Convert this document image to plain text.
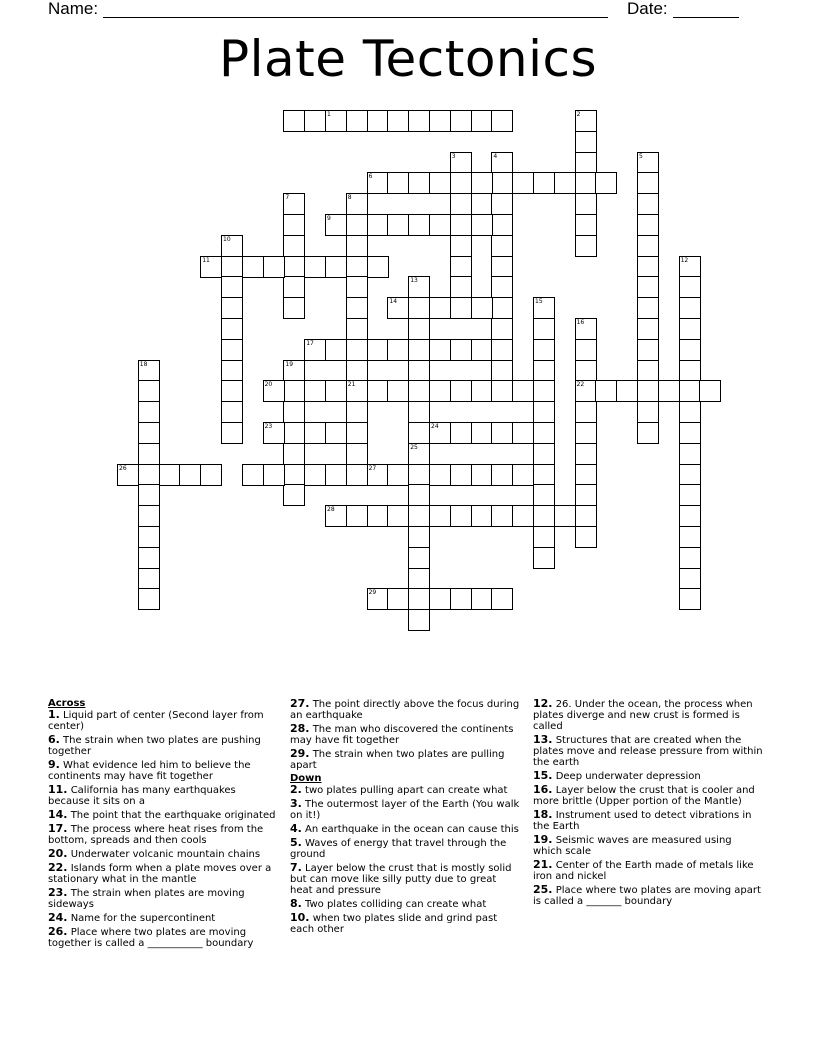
Name:	Date:
Plate Tectonics
1	2
3	4	5
6
7	8
21
9
10
11	12
13
25
14	15
16
22
17
18	19
20
23	24
26	27
28
29
Across
1. Liquid part of center (Second layer from center)
6. The strain when two plates are pushing together
9. What evidence led him to believe the continents may have fit together
11. California has many earthquakes because it sits on a
14. The point that the earthquake originated
17. The process where heat rises from the bottom, spreads and then cools
20. Underwater volcanic mountain chains
22. Islands form when a plate moves over a stationary what in the mantle
23. The strain when plates are moving sideways
24. Name for the supercontinent
26. Place where two plates are moving together is called a ___________ boundary
27. The point directly above the focus during an earthquake
28. The man who discovered the continents may have fit together
29. The strain when two plates are pulling apart
Down
2. two plates pulling apart can create what
3. The outermost layer of the Earth (You walk on it!)
4. An earthquake in the ocean can cause this
5. Waves of energy that travel through the ground
7. Layer below the crust that is mostly solid but can move like silly putty due to great heat and pressure
8. Two plates colliding can create what
10. when two plates slide and grind past each other
12. 26. Under the ocean, the process when plates diverge and new crust is formed is called
13. Structures that are created when the plates move and release pressure from within the earth
15. Deep underwater depression
16. Layer below the crust that is cooler and more brittle (Upper portion of the Mantle)
18. Instrument used to detect vibrations in the Earth
19. Seismic waves are measured using which scale
21. Center of the Earth made of metals like iron and nickel
25. Place where two plates are moving apart is called a _______ boundary
